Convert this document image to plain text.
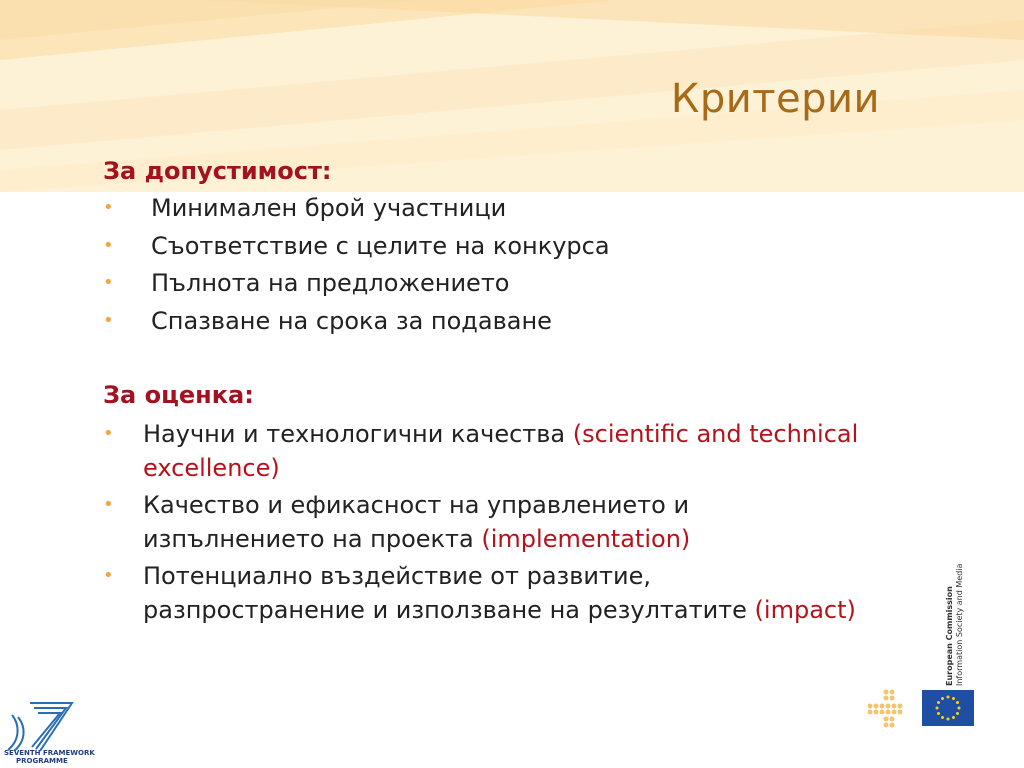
Критерии
За допустимост:
• Минимален брой участници
• Съответствие с целите на конкурса
• Пълнота на предложението
• Спазване на срока за подаване
За оценка:
• Научни и технологични качества (scientific and technical excellence)
• Качество и ефикасност на управлението и изпълнението на проекта (implementation)
• Потенциално въздействие от развитие, разпространение и използване на резултатите (impact)
SEVENTH FRAMEWORK
PROGRAMME
European Commission Information Society and Media
